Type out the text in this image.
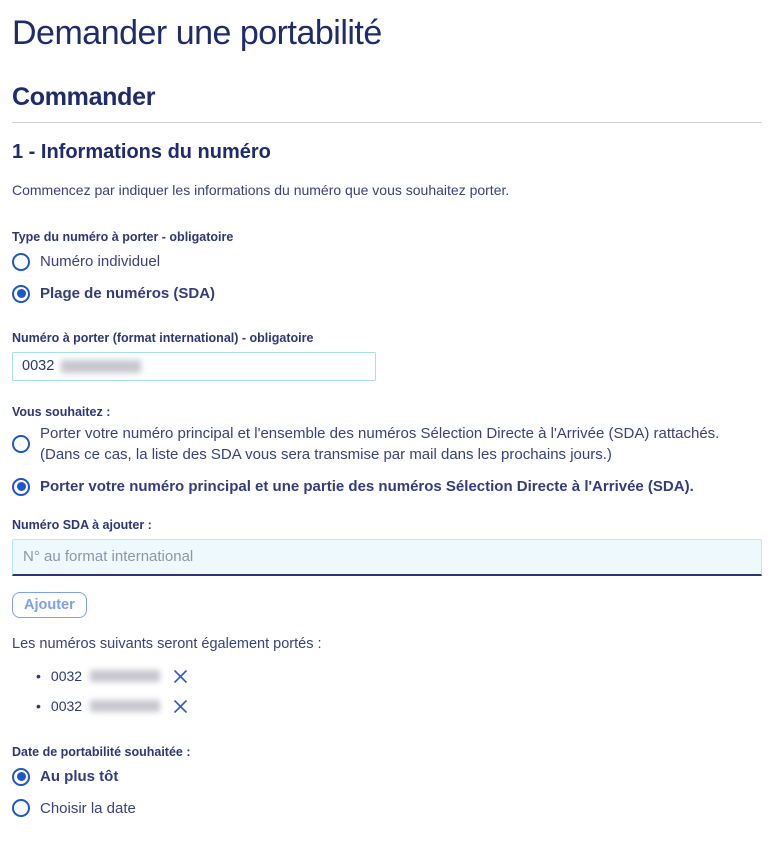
Demander une portabilité
Commander
1 - Informations du numéro

Commencez par indiquer les informations du numéro que vous souhaitez porter.

Type du numéro à porter - obligatoire
Numéro individuel
Plage de numéros (SDA)
Numéro à porter (format international) - obligatoire
0032
Vous souhaitez :
Porter votre numéro principal et l'ensemble des numéros Sélection Directe à l'Arrivée (SDA) rattachés. (Dans ce cas, la liste des SDA vous sera transmise par mail dans les prochains jours.)
Porter votre numéro principal et une partie des numéros Sélection Directe à l'Arrivée (SDA).
Numéro SDA à ajouter :
N° au format international
Ajouter

Les numéros suivants seront également portés :

• 0032
• 0032
Date de portabilité souhaitée :
Au plus tôt
Choisir la date
